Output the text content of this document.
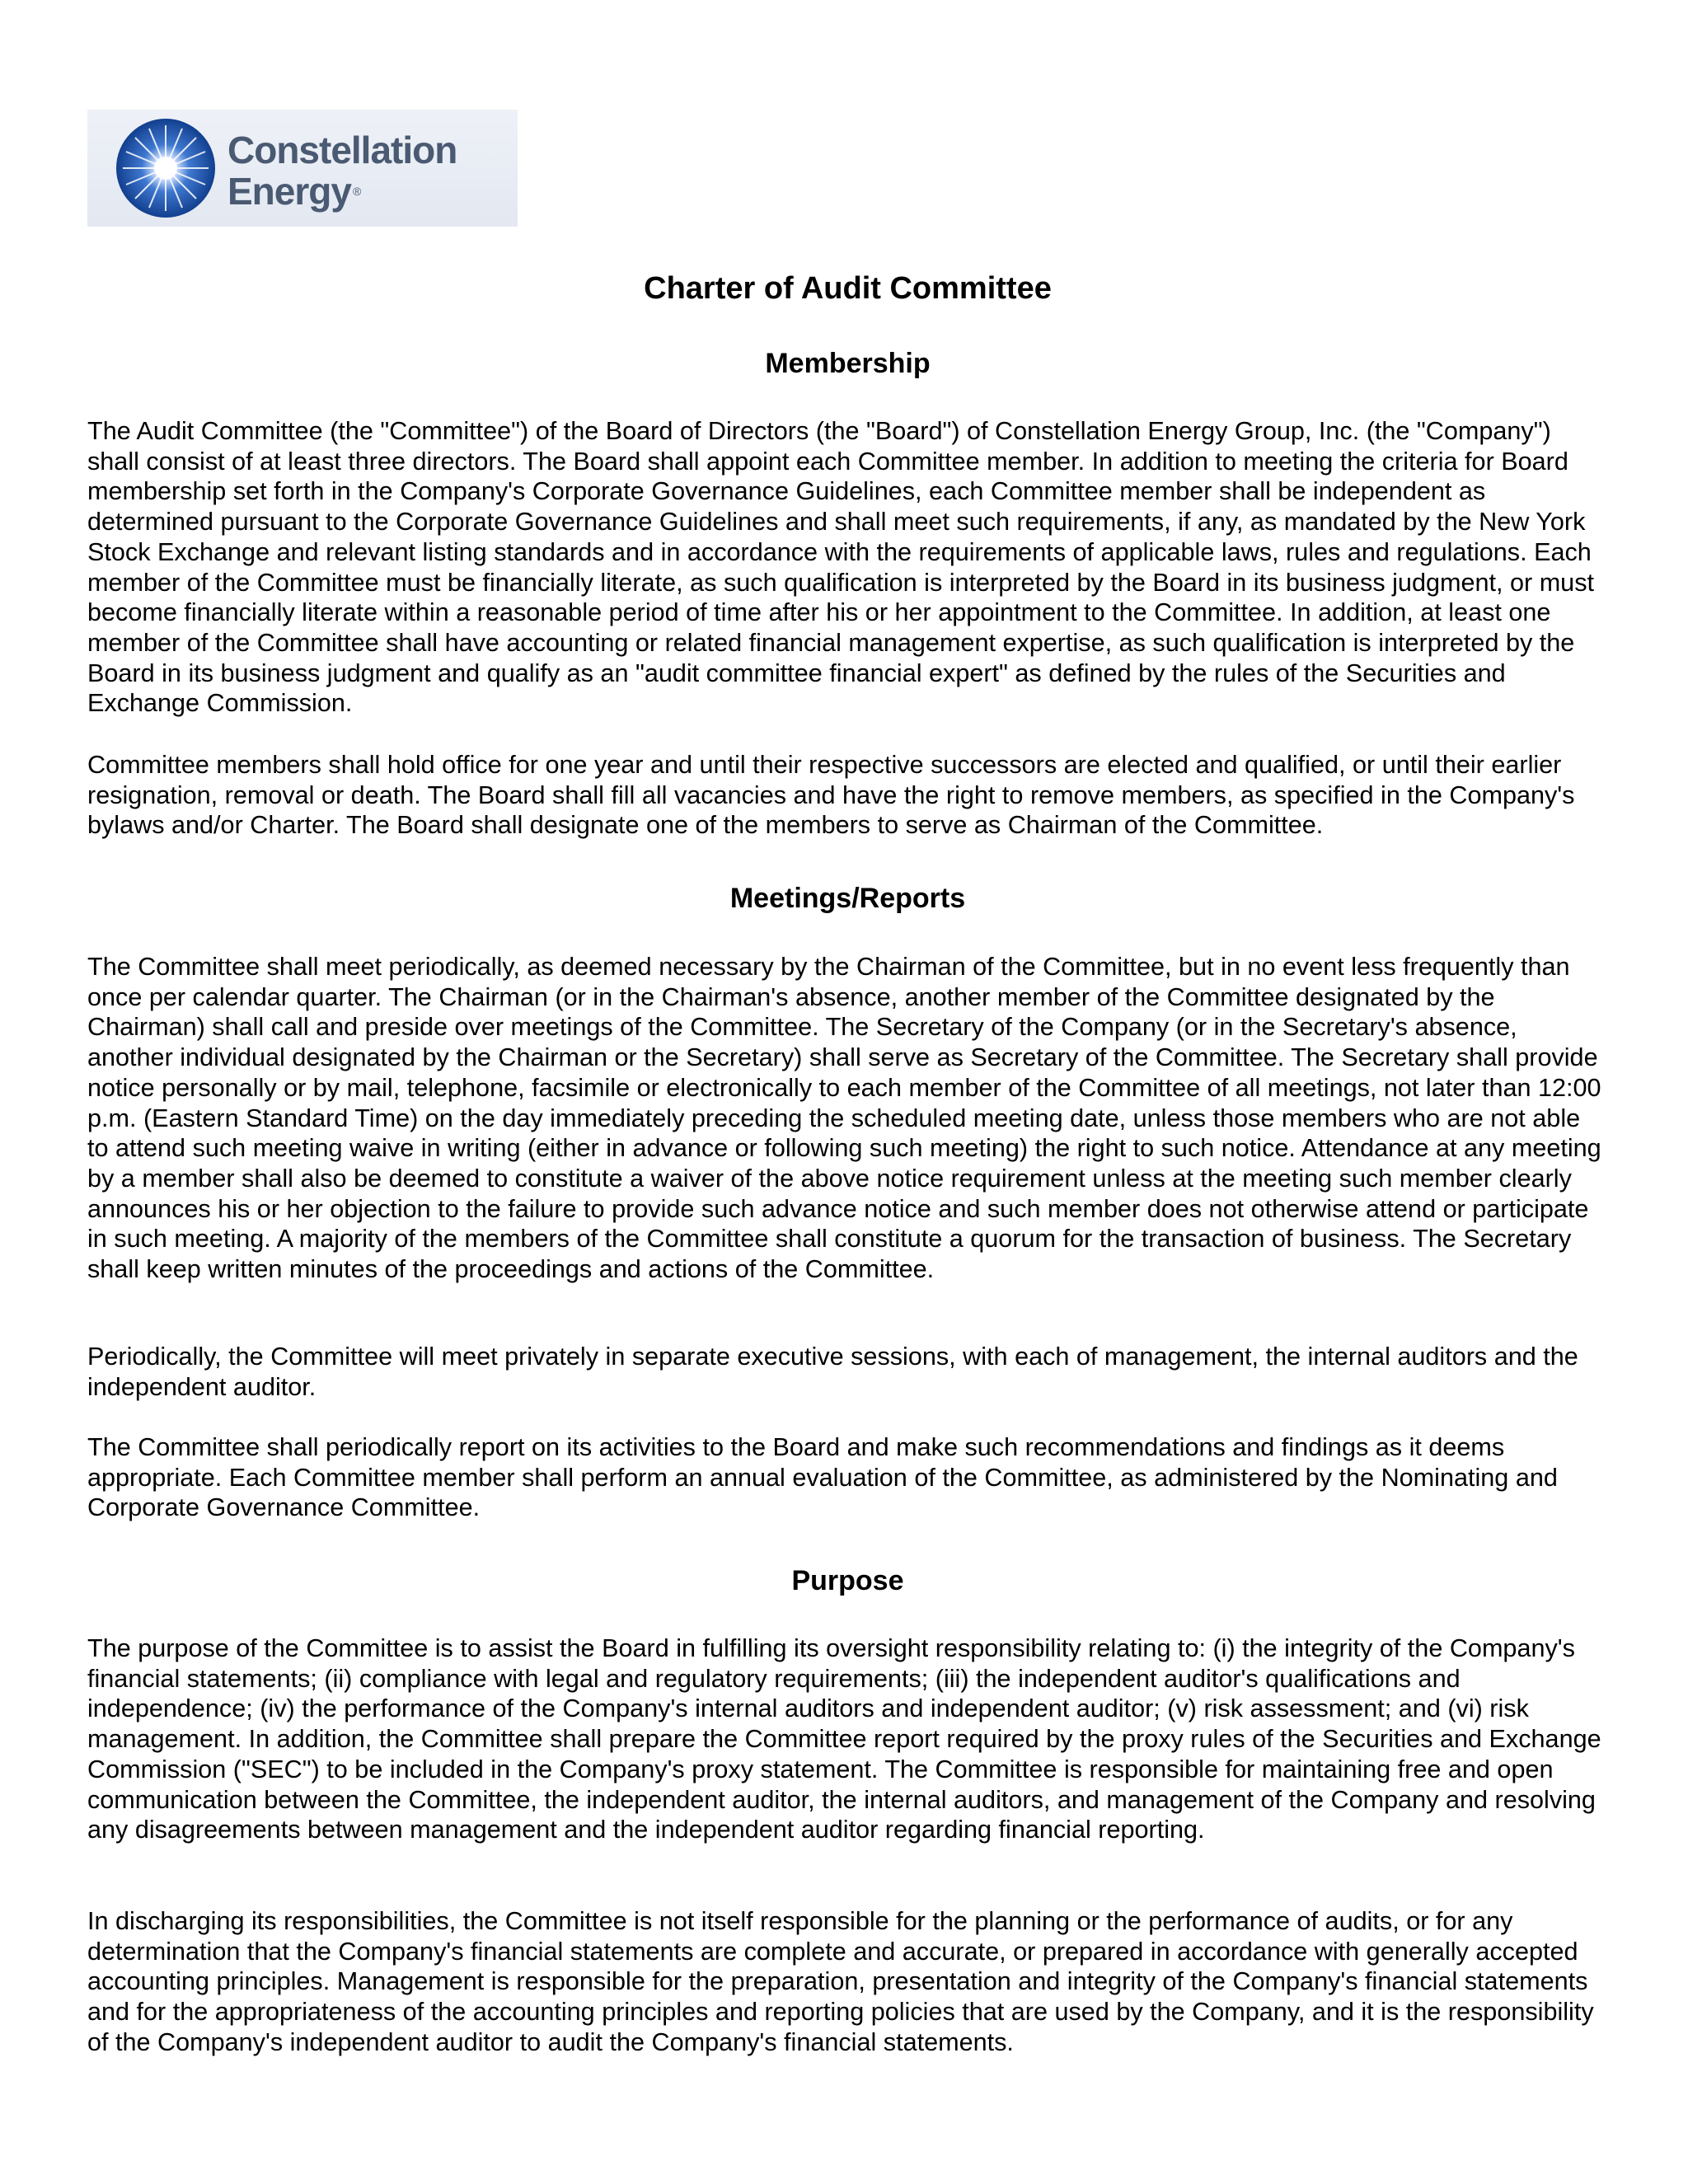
Constellation
Energy ®
Charter of Audit Committee
Membership

The Audit Committee (the "Committee") of the Board of Directors (the "Board") of Constellation Energy Group, Inc. (the "Company") shall consist of at least three directors. The Board shall appoint each Committee member. In addition to meeting the criteria for Board membership set forth in the Company's Corporate Governance Guidelines, each Committee member shall be independent as determined pursuant to the Corporate Governance Guidelines and shall meet such requirements, if any, as mandated by the New York Stock Exchange and relevant listing standards and in accordance with the requirements of applicable laws, rules and regulations. Each member of the Committee must be financially literate, as such qualification is interpreted by the Board in its business judgment, or must become financially literate within a reasonable period of time after his or her appointment to the Committee. In addition, at least one member of the Committee shall have accounting or related financial management expertise, as such qualification is interpreted by the Board in its business judgment and qualify as an "audit committee financial expert" as defined by the rules of the Securities and Exchange Commission.

Committee members shall hold office for one year and until their respective successors are elected and qualified, or until their earlier resignation, removal or death. The Board shall fill all vacancies and have the right to remove members, as specified in the Company's bylaws and/or Charter. The Board shall designate one of the members to serve as Chairman of the Committee.

Meetings/Reports

The Committee shall meet periodically, as deemed necessary by the Chairman of the Committee, but in no event less frequently than once per calendar quarter. The Chairman (or in the Chairman's absence, another member of the Committee designated by the Chairman) shall call and preside over meetings of the Committee. The Secretary of the Company (or in the Secretary's absence, another individual designated by the Chairman or the Secretary) shall serve as Secretary of the Committee. The Secretary shall provide notice personally or by mail, telephone, facsimile or electronically to each member of the Committee of all meetings, not later than 12:00 p.m. (Eastern Standard Time) on the day immediately preceding the scheduled meeting date, unless those members who are not able to attend such meeting waive in writing (either in advance or following such meeting) the right to such notice. Attendance at any meeting by a member shall also be deemed to constitute a waiver of the above notice requirement unless at the meeting such member clearly announces his or her objection to the failure to provide such advance notice and such member does not otherwise attend or participate in such meeting. A majority of the members of the Committee shall constitute a quorum for the transaction of business. The Secretary shall keep written minutes of the proceedings and actions of the Committee.

Periodically, the Committee will meet privately in separate executive sessions, with each of management, the internal auditors and the independent auditor.

The Committee shall periodically report on its activities to the Board and make such recommendations and findings as it deems appropriate. Each Committee member shall perform an annual evaluation of the Committee, as administered by the Nominating and Corporate Governance Committee.

Purpose

The purpose of the Committee is to assist the Board in fulfilling its oversight responsibility relating to: (i) the integrity of the Company's financial statements; (ii) compliance with legal and regulatory requirements; (iii) the independent auditor's qualifications and independence; (iv) the performance of the Company's internal auditors and independent auditor; (v) risk assessment; and (vi) risk management. In addition, the Committee shall prepare the Committee report required by the proxy rules of the Securities and Exchange Commission ("SEC") to be included in the Company's proxy statement. The Committee is responsible for maintaining free and open communication between the Committee, the independent auditor, the internal auditors, and management of the Company and resolving any disagreements between management and the independent auditor regarding financial reporting.

In discharging its responsibilities, the Committee is not itself responsible for the planning or the performance of audits, or for any determination that the Company's financial statements are complete and accurate, or prepared in accordance with generally accepted accounting principles. Management is responsible for the preparation, presentation and integrity of the Company's financial statements and for the appropriateness of the accounting principles and reporting policies that are used by the Company, and it is the responsibility of the Company's independent auditor to audit the Company's financial statements.
